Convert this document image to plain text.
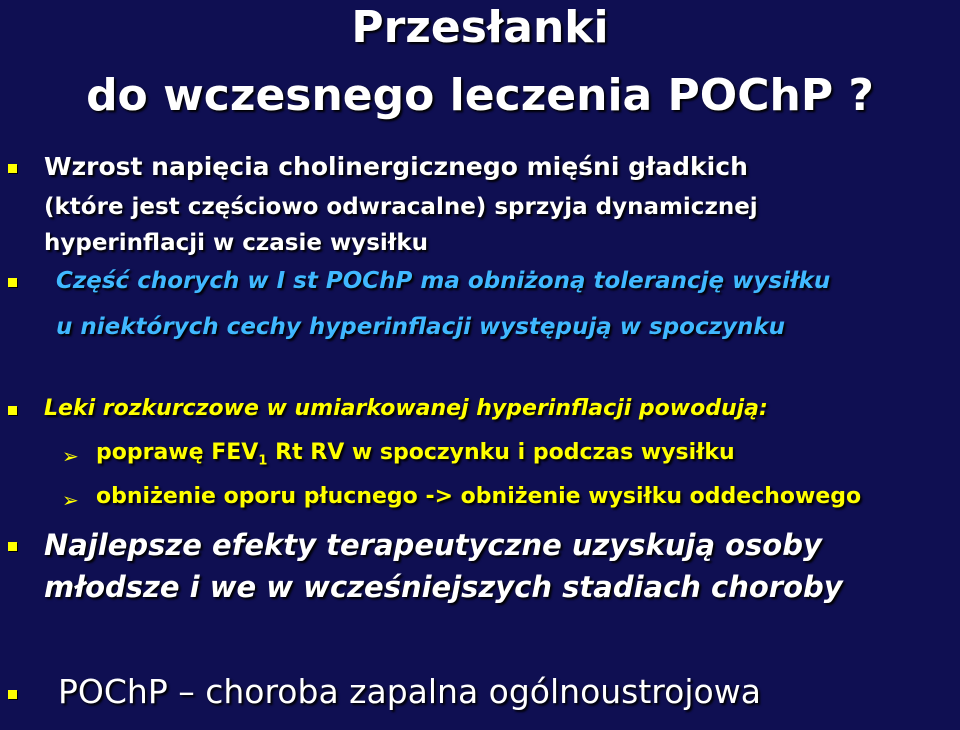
Przesłanki
do wczesnego leczenia POChP ?
Wzrost napięcia cholinergicznego mięśni gładkich
(które jest częściowo odwracalne) sprzyja dynamicznej
hyperinflacji w czasie wysiłku
Część chorych w I st POChP ma obniżoną tolerancję wysiłku
u niektórych cechy hyperinflacji występują w spoczynku
Leki rozkurczowe w umiarkowanej hyperinflacji powodują:
➢ poprawę $FEV_1$ Rt RV w spoczynku i podczas wysiłku
➢ obniżenie oporu płucnego -> obniżenie wysiłku oddechowego
Najlepsze efekty terapeutyczne uzyskują osoby
młodsze i we w wcześniejszych stadiach choroby
POChP – choroba zapalna ogólnoustrojowa
